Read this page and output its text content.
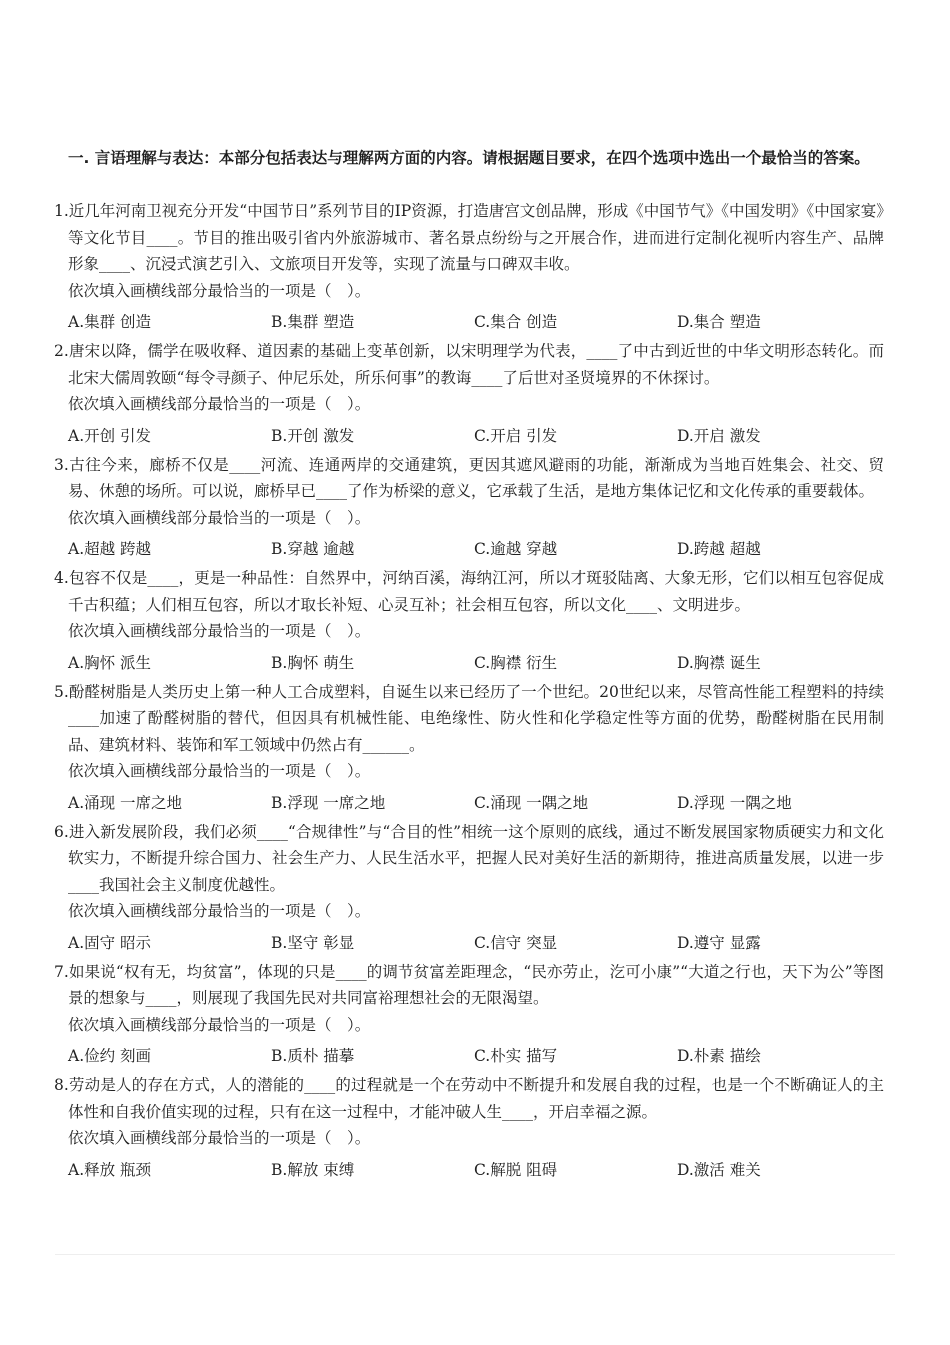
一. 言语理解与表达：本部分包括表达与理解两方面的内容。请根据题目要求，在四个选项中选出一个最恰当的答案。
1.近几年河南卫视充分开发“中国节日”系列节目的IP资源，打造唐宫文创品牌，形成《中国节气》《中国发明》《中国家宴》等文化节目____。节目的推出吸引省内外旅游城市、著名景点纷纷与之开展合作，进而进行定制化视听内容生产、品牌形象____、沉浸式演艺引入、文旅项目开发等，实现了流量与口碑双丰收。
依次填入画横线部分最恰当的一项是（　）。
A.集群 创造	B.集群 塑造	C.集合 创造	D.集合 塑造
2.唐宋以降，儒学在吸收释、道因素的基础上变革创新，以宋明理学为代表，____了中古到近世的中华文明形态转化。而北宋大儒周敦颐“每令寻颜子、仲尼乐处，所乐何事”的教诲____了后世对圣贤境界的不休探讨。
依次填入画横线部分最恰当的一项是（　）。
A.开创 引发	B.开创 激发	C.开启 引发	D.开启 激发
3.古往今来，廊桥不仅是____河流、连通两岸的交通建筑，更因其遮风避雨的功能，渐渐成为当地百姓集会、社交、贸易、休憩的场所。可以说，廊桥早已____了作为桥梁的意义，它承载了生活，是地方集体记忆和文化传承的重要载体。
依次填入画横线部分最恰当的一项是（　）。
A.超越 跨越	B.穿越 逾越	C.逾越 穿越	D.跨越 超越
4.包容不仅是____，更是一种品性：自然界中，河纳百溪，海纳江河，所以才斑驳陆离、大象无形，它们以相互包容促成千古积蕴；人们相互包容，所以才取长补短、心灵互补；社会相互包容，所以文化____、文明进步。
依次填入画横线部分最恰当的一项是（　）。
A.胸怀 派生	B.胸怀 萌生	C.胸襟 衍生	D.胸襟 诞生
5.酚醛树脂是人类历史上第一种人工合成塑料，自诞生以来已经历了一个世纪。20世纪以来，尽管高性能工程塑料的持续____加速了酚醛树脂的替代，但因具有机械性能、电绝缘性、防火性和化学稳定性等方面的优势，酚醛树脂在民用制品、建筑材料、装饰和军工领域中仍然占有______。
依次填入画横线部分最恰当的一项是（　）。
A.涌现 一席之地	B.浮现 一席之地	C.涌现 一隅之地	D.浮现 一隅之地
6.进入新发展阶段，我们必须____“合规律性”与“合目的性”相统一这个原则的底线，通过不断发展国家物质硬实力和文化软实力，不断提升综合国力、社会生产力、人民生活水平，把握人民对美好生活的新期待，推进高质量发展，以进一步____我国社会主义制度优越性。
依次填入画横线部分最恰当的一项是（　）。
A.固守 昭示	B.坚守 彰显	C.信守 突显	D.遵守 显露
7.如果说“权有无，均贫富”，体现的只是____的调节贫富差距理念，“民亦劳止，汔可小康”“大道之行也，天下为公”等图景的想象与____，则展现了我国先民对共同富裕理想社会的无限渴望。
依次填入画横线部分最恰当的一项是（　）。
A.俭约 刻画	B.质朴 描摹	C.朴实 描写	D.朴素 描绘
8.劳动是人的存在方式，人的潜能的____的过程就是一个在劳动中不断提升和发展自我的过程，也是一个不断确证人的主体性和自我价值实现的过程，只有在这一过程中，才能冲破人生____，开启幸福之源。
依次填入画横线部分最恰当的一项是（　）。
A.释放 瓶颈	B.解放 束缚	C.解脱 阻碍	D.激活 难关
